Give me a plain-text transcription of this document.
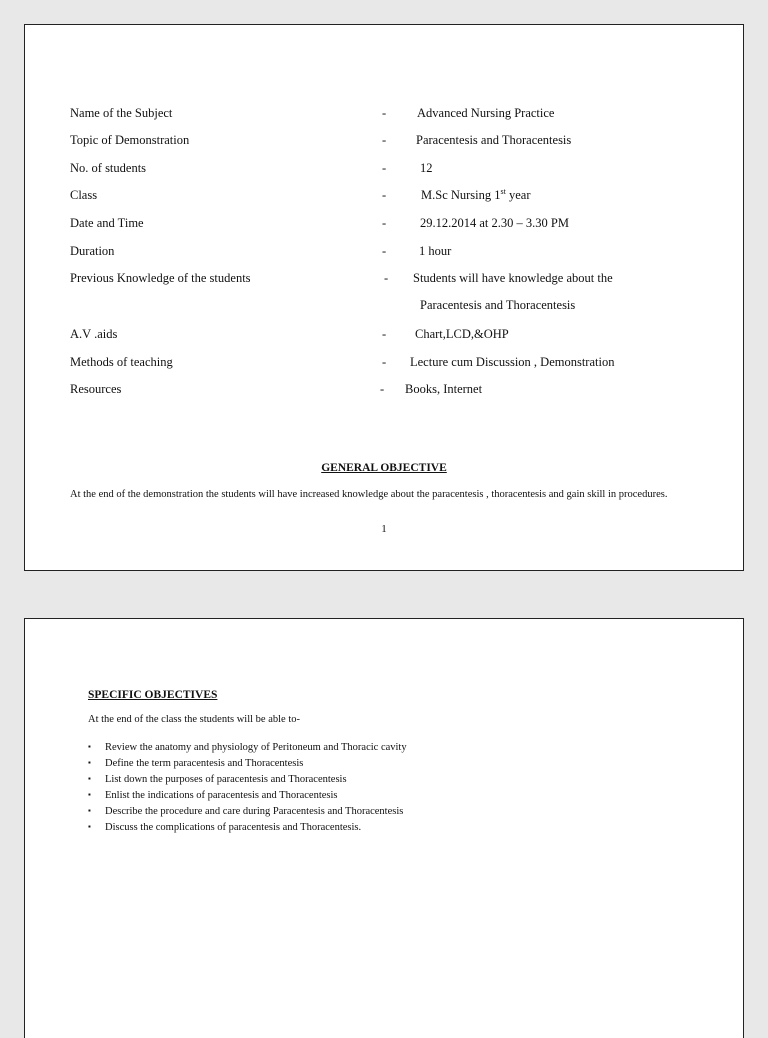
Name of the Subject	- Advanced Nursing Practice
Topic of Demonstration	- Paracentesis and Thoracentesis
No. of students	-	12
Class	-	M.Sc Nursing 1st year
Date and Time	-	29.12.2014 at 2.30 – 3.30 PM
Duration	-	1 hour
Previous Knowledge of the students	- Students will have knowledge about the
Paracentesis and Thoracentesis
A.V .aids	- Chart,LCD,&OHP
Methods of teaching	- Lecture cum Discussion , Demonstration
Resources	- Books, Internet
GENERAL OBJECTIVE
At the end of the demonstration the students will have increased knowledge about the paracentesis , thoracentesis and gain skill in procedures.
1
SPECIFIC OBJECTIVES
At the end of the class the students will be able to-
▪ Review the anatomy and physiology of Peritoneum and Thoracic cavity
▪ Define the term paracentesis and Thoracentesis
▪ List down the purposes of paracentesis and Thoracentesis
▪ Enlist the indications of paracentesis and Thoracentesis
▪ Describe the procedure and care during Paracentesis and Thoracentesis
▪ Discuss the complications of paracentesis and Thoracentesis.
